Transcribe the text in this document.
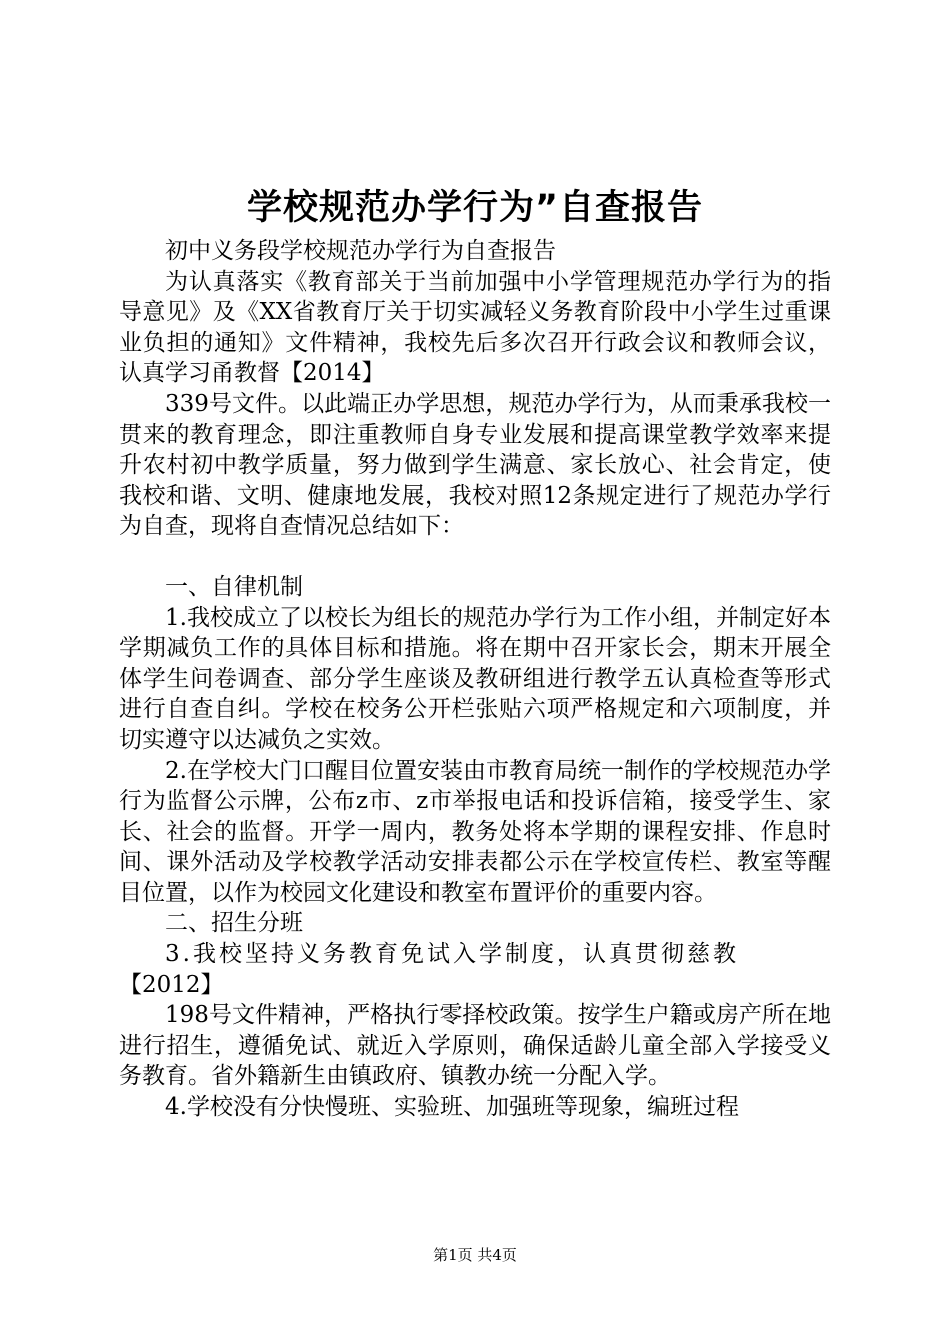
学校规范办学行为”自查报告

初中义务段学校规范办学行为自查报告

为认真落实《教育部关于当前加强中小学管理规范办学行为的指导意见》及《XX省教育厅关于切实减轻义务教育阶段中小学生过重课业负担的通知》文件精神，我校先后多次召开行政会议和教师会议，认真学习甬教督【2014】

339号文件。以此端正办学思想，规范办学行为，从而秉承我校一贯来的教育理念，即注重教师自身专业发展和提高课堂教学效率来提升农村初中教学质量，努力做到学生满意、家长放心、社会肯定，使我校和谐、文明、健康地发展，我校对照12条规定进行了规范办学行为自查，现将自查情况总结如下：

一、自律机制

1.我校成立了以校长为组长的规范办学行为工作小组，并制定好本学期减负工作的具体目标和措施。将在期中召开家长会，期末开展全体学生问卷调查、部分学生座谈及教研组进行教学五认真检查等形式进行自查自纠。学校在校务公开栏张贴六项严格规定和六项制度，并切实遵守以达减负之实效。

2.在学校大门口醒目位置安装由市教育局统一制作的学校规范办学行为监督公示牌，公布z市、z市举报电话和投诉信箱，接受学生、家长、社会的监督。开学一周内，教务处将本学期的课程安排、作息时间、课外活动及学校教学活动安排表都公示在学校宣传栏、教室等醒目位置，以作为校园文化建设和教室布置评价的重要内容。

二、招生分班

3.我校坚持义务教育免试入学制度，认真贯彻慈教

【2012】

198号文件精神，严格执行零择校政策。按学生户籍或房产所在地进行招生，遵循免试、就近入学原则，确保适龄儿童全部入学接受义务教育。省外籍新生由镇政府、镇教办统一分配入学。

4.学校没有分快慢班、实验班、加强班等现象，编班过程

第1页 共4页
